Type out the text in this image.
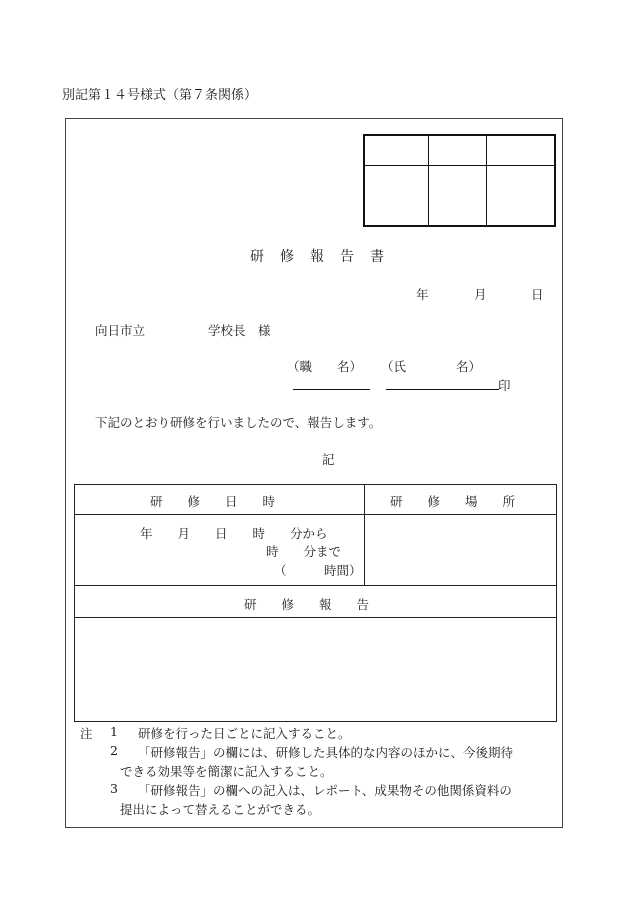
別記第１４号様式（第７条関係）
研　修　報　告　書
年	月	日
向日市立	学校長　様
（職　　名） （氏　　　　名）
印
下記のとおり研修を行いましたので、報告します。
記
研　　修　　日　　時	研　　修　　場　　所
年　　月　　日　　時　　分から
時　　分まで
（　　　時間）
研　　修　　報　　告
注 1 研修を行った日ごとに記入すること。
2 「研修報告」の欄には、研修した具体的な内容のほかに、今後期待
できる効果等を簡潔に記入すること。
3 「研修報告」の欄への記入は、レポート、成果物その他関係資料の
提出によって替えることができる。
